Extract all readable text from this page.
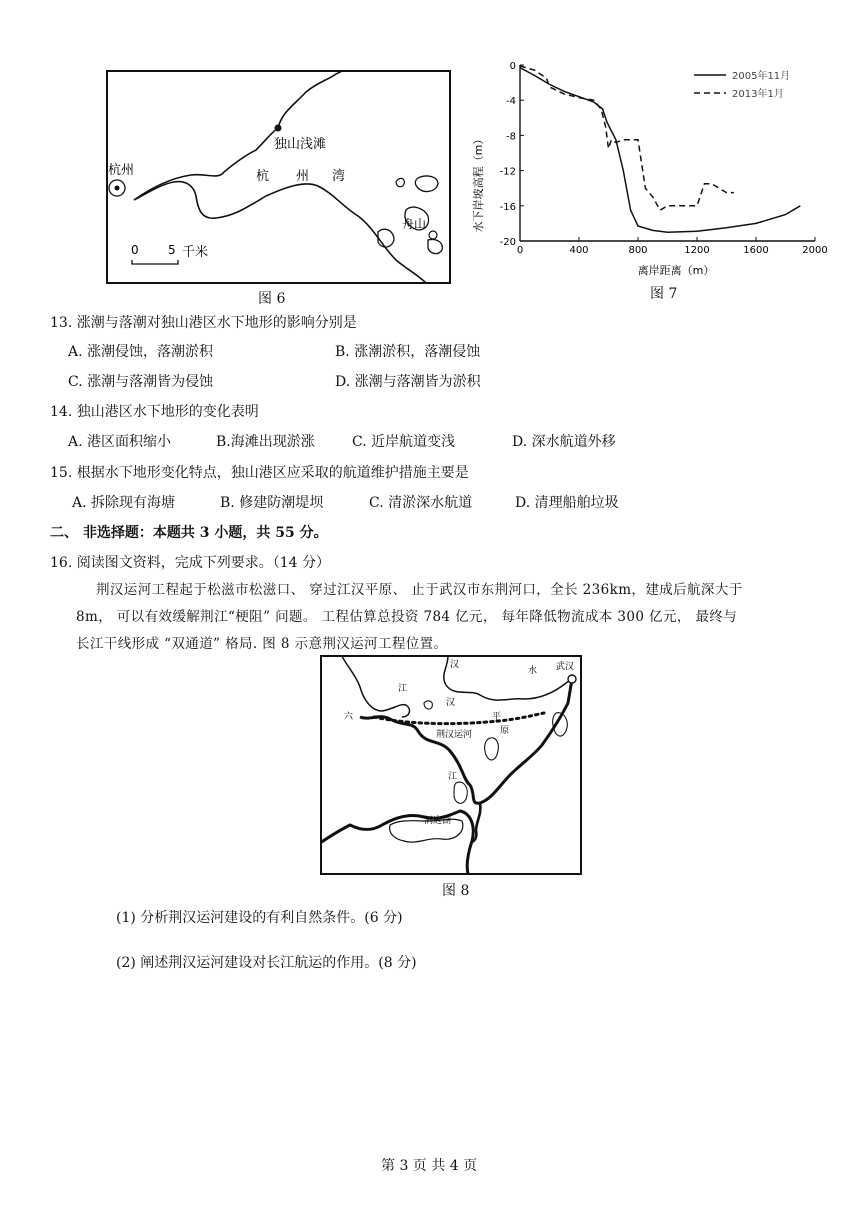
0 5 千米
杭州
独山浅滩
杭 州 湾
舟山
图 6
0	400	800	1200	1600	2000
0
-4
-8
-12
-16
-20
2005年11月
2013年1月
离岸距离（m）
水下岸坡高程（m）
图 7
13. 涨潮与落潮对独山港区水下地形的影响分别是
A. 涨潮侵蚀，落潮淤积	B. 涨潮淤积，落潮侵蚀
C. 涨潮与落潮皆为侵蚀	D. 涨潮与落潮皆为淤积
14. 独山港区水下地形的变化表明
A. 港区面积缩小	B.海滩出现淤涨	C. 近岸航道变浅	D. 深水航道外移
15. 根据水下地形变化特点，独山港区应采取的航道维护措施主要是
A. 拆除现有海塘	B. 修建防潮堤坝	C. 清淤深水航道	D. 清理船舶垃圾
二、 非选择题：本题共 3 小题，共 55 分。
16. 阅读图文资料，完成下列要求。（14 分）
荆汉运河工程起于松滋市松滋口、 穿过江汉平原、 止于武汉市东荆河口，全长 236km，建成后航深大于
8m， 可以有效缓解荆江“梗阻” 问题。 工程估算总投资 784 亿元， 每年降低物流成本 300 亿元， 最终与
长江干线形成 “双通道” 格局. 图 8 示意荆汉运河工程位置。
武汉
汉
水
江
汉
平
原
六
荆汉运河
江
洞庭湖
图 8
(1) 分析荆汉运河建设的有利自然条件。(6 分)
(2) 阐述荆汉运河建设对长江航运的作用。(8 分)
第 3 页 共 4 页
